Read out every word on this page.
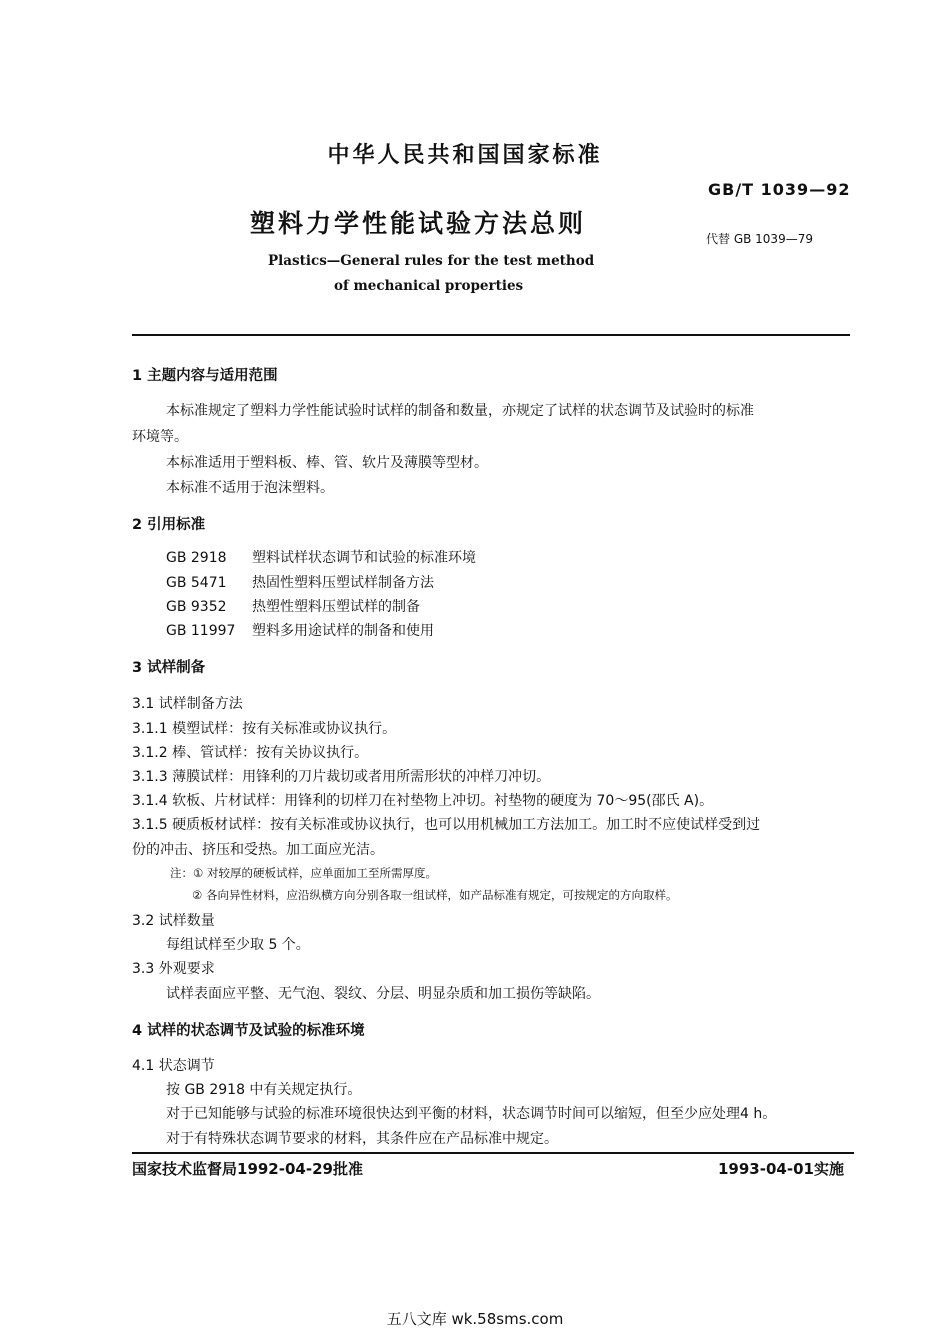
中华人民共和国国家标准
GB/T 1039—92
塑料力学性能试验方法总则
代替 GB 1039—79
Plastics—General rules for the test method
of mechanical properties
1 主题内容与适用范围
本标准规定了塑料力学性能试验时试样的制备和数量，亦规定了试样的状态调节及试验时的标准
环境等。
本标准适用于塑料板、棒、管、软片及薄膜等型材。
本标准不适用于泡沫塑料。
2 引用标准
GB 2918 塑料试样状态调节和试验的标准环境
GB 5471 热固性塑料压塑试样制备方法
GB 9352 热塑性塑料压塑试样的制备
GB 11997 塑料多用途试样的制备和使用
3 试样制备
3.1 试样制备方法
3.1.1 模塑试样：按有关标准或协议执行。
3.1.2 棒、管试样：按有关协议执行。
3.1.3 薄膜试样：用锋利的刀片裁切或者用所需形状的冲样刀冲切。
3.1.4 软板、片材试样：用锋利的切样刀在衬垫物上冲切。衬垫物的硬度为 70～95(邵氏 A)。
3.1.5 硬质板材试样：按有关标准或协议执行，也可以用机械加工方法加工。加工时不应使试样受到过
份的冲击、挤压和受热。加工面应光洁。
注：① 对较厚的硬板试样，应单面加工至所需厚度。
② 各向异性材料，应沿纵横方向分别各取一组试样，如产品标准有规定，可按规定的方向取样。
3.2 试样数量
每组试样至少取 5 个。
3.3 外观要求
试样表面应平整、无气泡、裂纹、分层、明显杂质和加工损伤等缺陷。
4 试样的状态调节及试验的标准环境
4.1 状态调节
按 GB 2918 中有关规定执行。
对于已知能够与试验的标准环境很快达到平衡的材料，状态调节时间可以缩短，但至少应处理4 h。
对于有特殊状态调节要求的材料，其条件应在产品标准中规定。
国家技术监督局1992-04-29批准	1993-04-01实施
五八文库 wk.58sms.com
